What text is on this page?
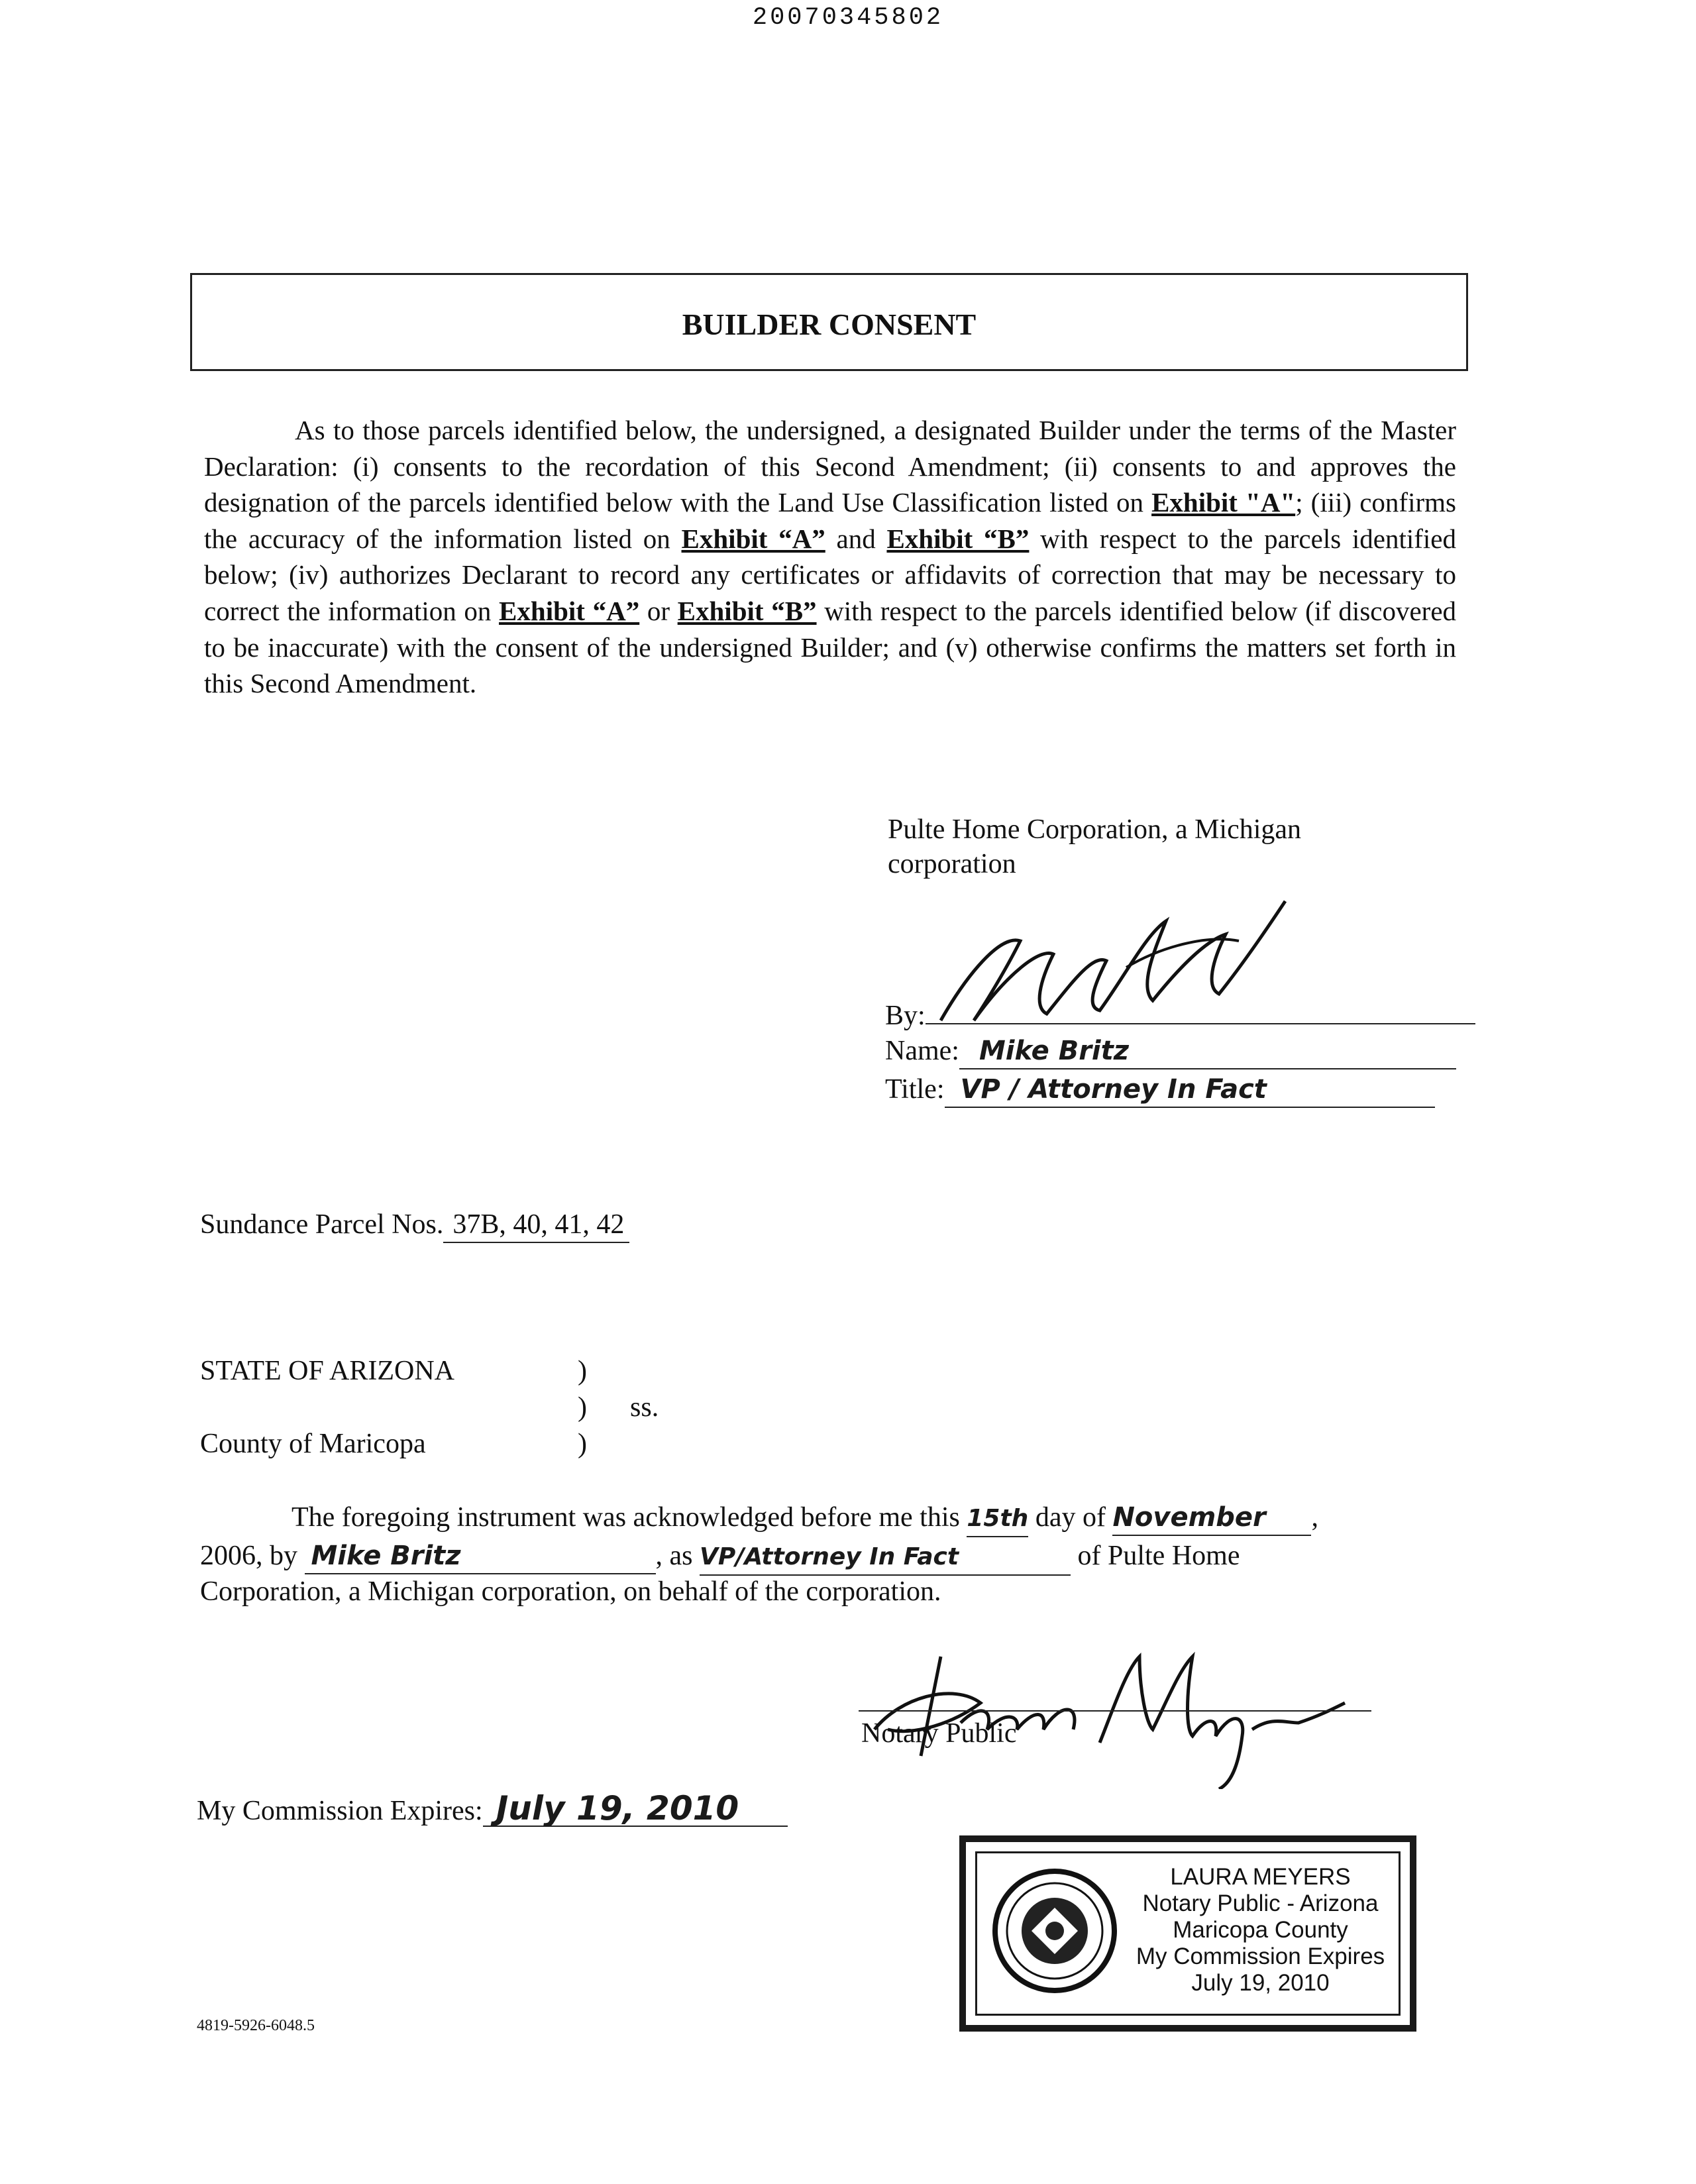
20070345802
BUILDER CONSENT
As to those parcels identified below, the undersigned, a designated Builder under the terms of the Master Declaration: (i) consents to the recordation of this Second Amendment; (ii) consents to and approves the designation of the parcels identified below with the Land Use Classification listed on Exhibit "A"; (iii) confirms the accuracy of the information listed on Exhibit “A” and Exhibit “B” with respect to the parcels identified below; (iv) authorizes Declarant to record any certificates or affidavits of correction that may be necessary to correct the information on Exhibit “A” or Exhibit “B” with respect to the parcels identified below (if discovered to be inaccurate) with the consent of the undersigned Builder; and (v) otherwise confirms the matters set forth in this Second Amendment.
Pulte Home Corporation, a Michigan
corporation
By:
Name: Mike Britz
Title: VP / Attorney In Fact
Sundance Parcel Nos. 37B, 40, 41, 42
STATE OF ARIZONA
County of Maricopa
)
)
)
ss.
The foregoing instrument was acknowledged before me this 15th day of November ,
2006, by Mike Britz	, as VP/Attorney In Fact	of Pulte Home
Corporation, a Michigan corporation, on behalf of the corporation.
Notary Public
My Commission Expires: July 19, 2010
LAURA MEYERS
Notary Public - Arizona
Maricopa County
My Commission Expires
July 19, 2010
4819-5926-6048.5
